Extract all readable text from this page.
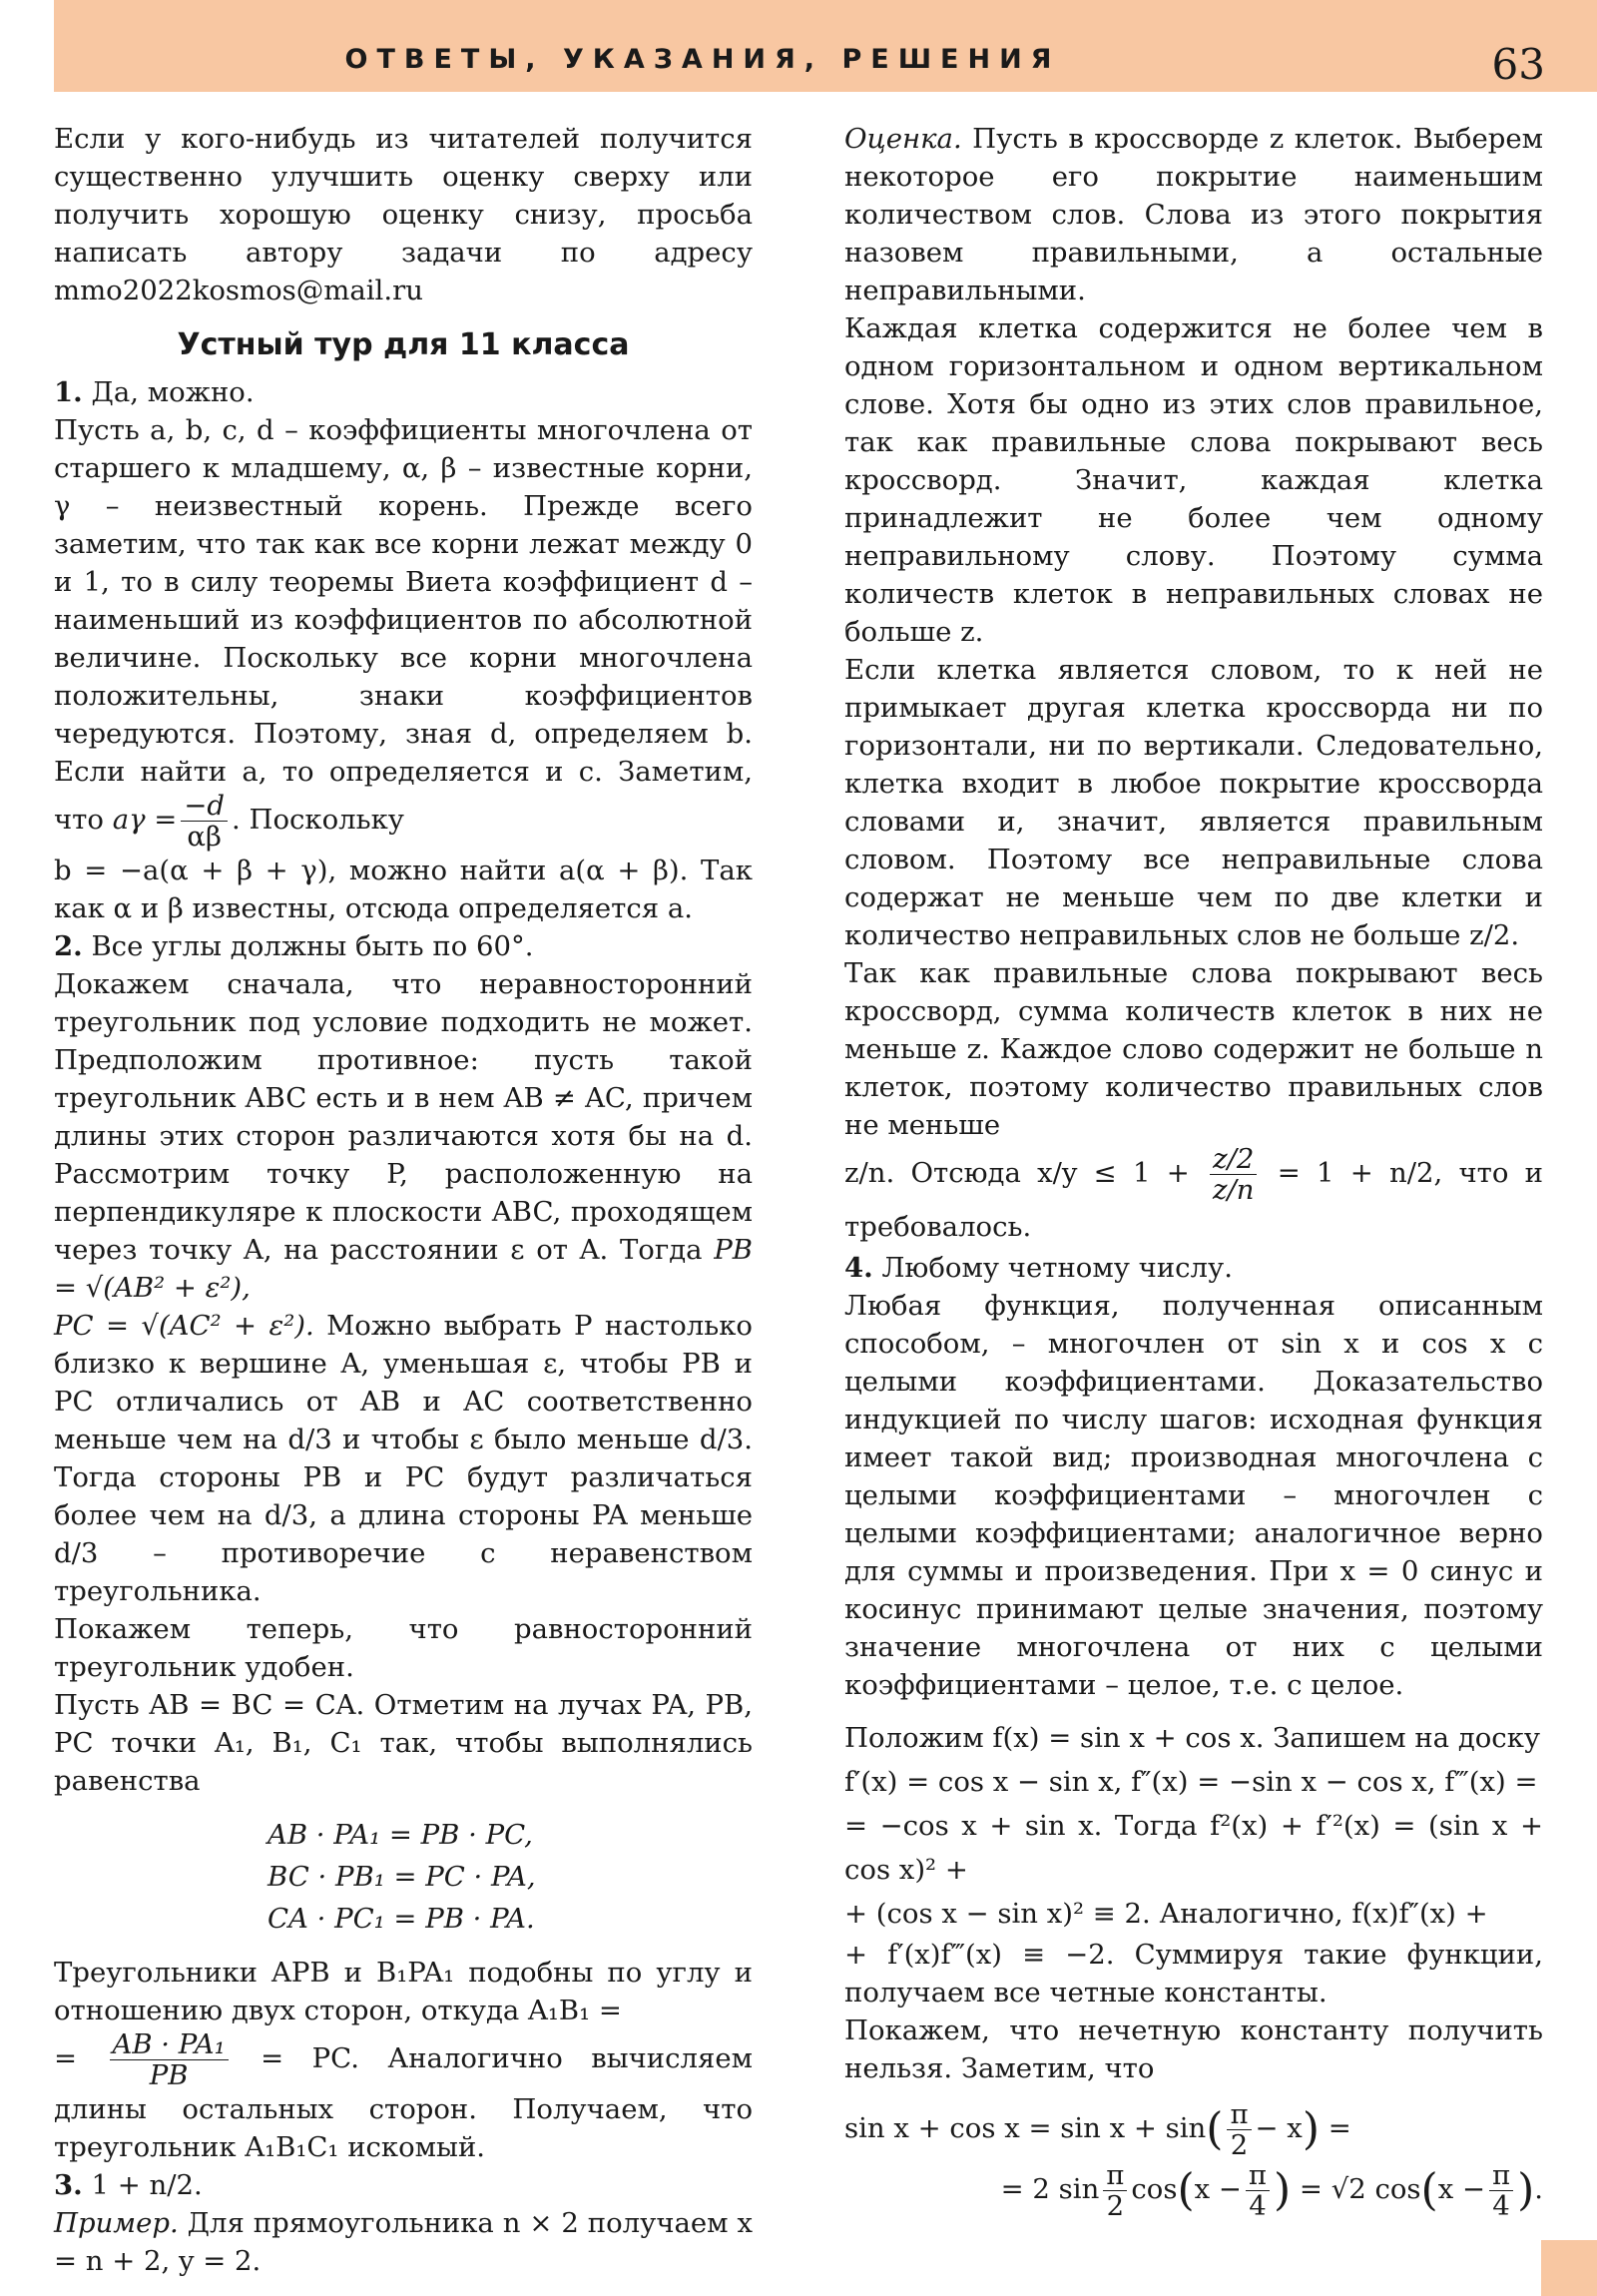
ОТВЕТЫ, УКАЗАНИЯ, РЕШЕНИЯ	63

Если у кого-нибудь из читателей получится существенно улучшить оценку сверху или получить хорошую оценку снизу, просьба написать автору задачи по адресу mmo2022kosmos@mail.ru

Устный тур для 11 класса

1. Да, можно.

Пусть a, b, c, d – коэффициенты многочлена от старшего к младшему, α, β – известные корни, γ – неизвестный корень. Прежде всего заметим, что так как все корни лежат между 0 и 1, то в силу теоремы Виета коэффициент d – наименьший из коэффициентов по абсолютной величине. Поскольку все корни многочлена положительны, знаки коэффициентов чередуются. Поэтому, зная d, определяем b. Если найти a, то определяется и c. Заметим, что $a\gamma = \frac{-d}{\alpha\beta}$ . Поскольку

b = −a(α + β + γ), можно найти a(α + β). Так как α и β известны, отсюда определяется a.

2. Все углы должны быть по 60°.

Докажем сначала, что неравносторонний треугольник под условие подходить не может. Предположим противное: пусть такой треугольник ABC есть и в нем AB ≠ AC, причем длины этих сторон различаются хотя бы на d. Рассмотрим точку P, расположенную на перпендикуляре к плоскости ABC, проходящем через точку A, на расстоянии ε от A. Тогда PB = √(AB² + ε²),

PC = √(AC² + ε²). Можно выбрать P настолько близко к вершине A, уменьшая ε, чтобы PB и PC отличались от AB и AC соответственно меньше чем на d/3 и чтобы ε было меньше d/3. Тогда стороны PB и PC будут различаться более чем на d/3, а длина стороны PA меньше d/3 – противоречие с неравенством треугольника.

Покажем теперь, что равносторонний треугольник удобен.

Пусть AB = BC = CA. Отметим на лучах PA, PB, PC точки A₁, B₁, C₁ так, чтобы выполнялись равенства

AB · PA₁ = PB · PC,
BC · PB₁ = PC · PA,
CA · PC₁ = PB · PA.

Треугольники APB и B₁PA₁ подобны по углу и отношению двух сторон, откуда A₁B₁ =

= $\frac{\text{AB · PA₁}}{PB}$ = PC. Аналогично вычисляем длины остальных сторон. Получаем, что треугольник A₁B₁C₁ искомый.

3. 1 + n/2.

Пример. Для прямоугольника n × 2 получаем x = n + 2, y = 2.

Оценка. Пусть в кроссворде z клеток. Выберем некоторое его покрытие наименьшим количеством слов. Слова из этого покрытия назовем правильными, а остальные неправильными.

Каждая клетка содержится не более чем в одном горизонтальном и одном вертикальном слове. Хотя бы одно из этих слов правильное, так как правильные слова покрывают весь кроссворд. Значит, каждая клетка принадлежит не более чем одному неправильному слову. Поэтому сумма количеств клеток в неправильных словах не больше z.

Если клетка является словом, то к ней не примыкает другая клетка кроссворда ни по горизонтали, ни по вертикали. Следовательно, клетка входит в любое покрытие кроссворда словами и, значит, является правильным словом. Поэтому все неправильные слова содержат не меньше чем по две клетки и количество неправильных слов не больше z/2.

Так как правильные слова покрывают весь кроссворд, сумма количеств клеток в них не меньше z. Каждое слово содержит не больше n клеток, поэтому количество правильных слов не меньше

z/n. Отсюда $x/y \le 1 + \frac{z/2}{z/n} = 1 + n/2$, что и требовалось.

4. Любому четному числу.

Любая функция, полученная описанным способом, – многочлен от sin x и cos x с целыми коэффициентами. Доказательство индукцией по числу шагов: исходная функция имеет такой вид; производная многочлена с целыми коэффициентами – многочлен с целыми коэффициентами; аналогичное верно для суммы и произведения. При x = 0 синус и косинус принимают целые значения, поэтому значение многочлена от них с целыми коэффициентами – целое, т.е. c целое.

Положим f(x) = sin x + cos x. Запишем на доску

f′(x) = cos x − sin x, f″(x) = −sin x − cos x, f‴(x) =

= −cos x + sin x. Тогда f²(x) + f′²(x) = (sin x + cos x)² +

+ (cos x − sin x)² ≡ 2. Аналогично, f(x)f″(x) +

+ f′(x)f‴(x) ≡ −2. Суммируя такие функции, получаем все четные константы.

Покажем, что нечетную константу получить нельзя. Заметим, что

$\sin x + \cos x = \sin x + \sin( \frac{\pi}{2} - x)$ =

= 2 $\sin \frac{\pi}{2} \cos(x - \frac{\pi}{4}$ ) = √2 $\cos(x - \frac{\pi}{4}$ ).
